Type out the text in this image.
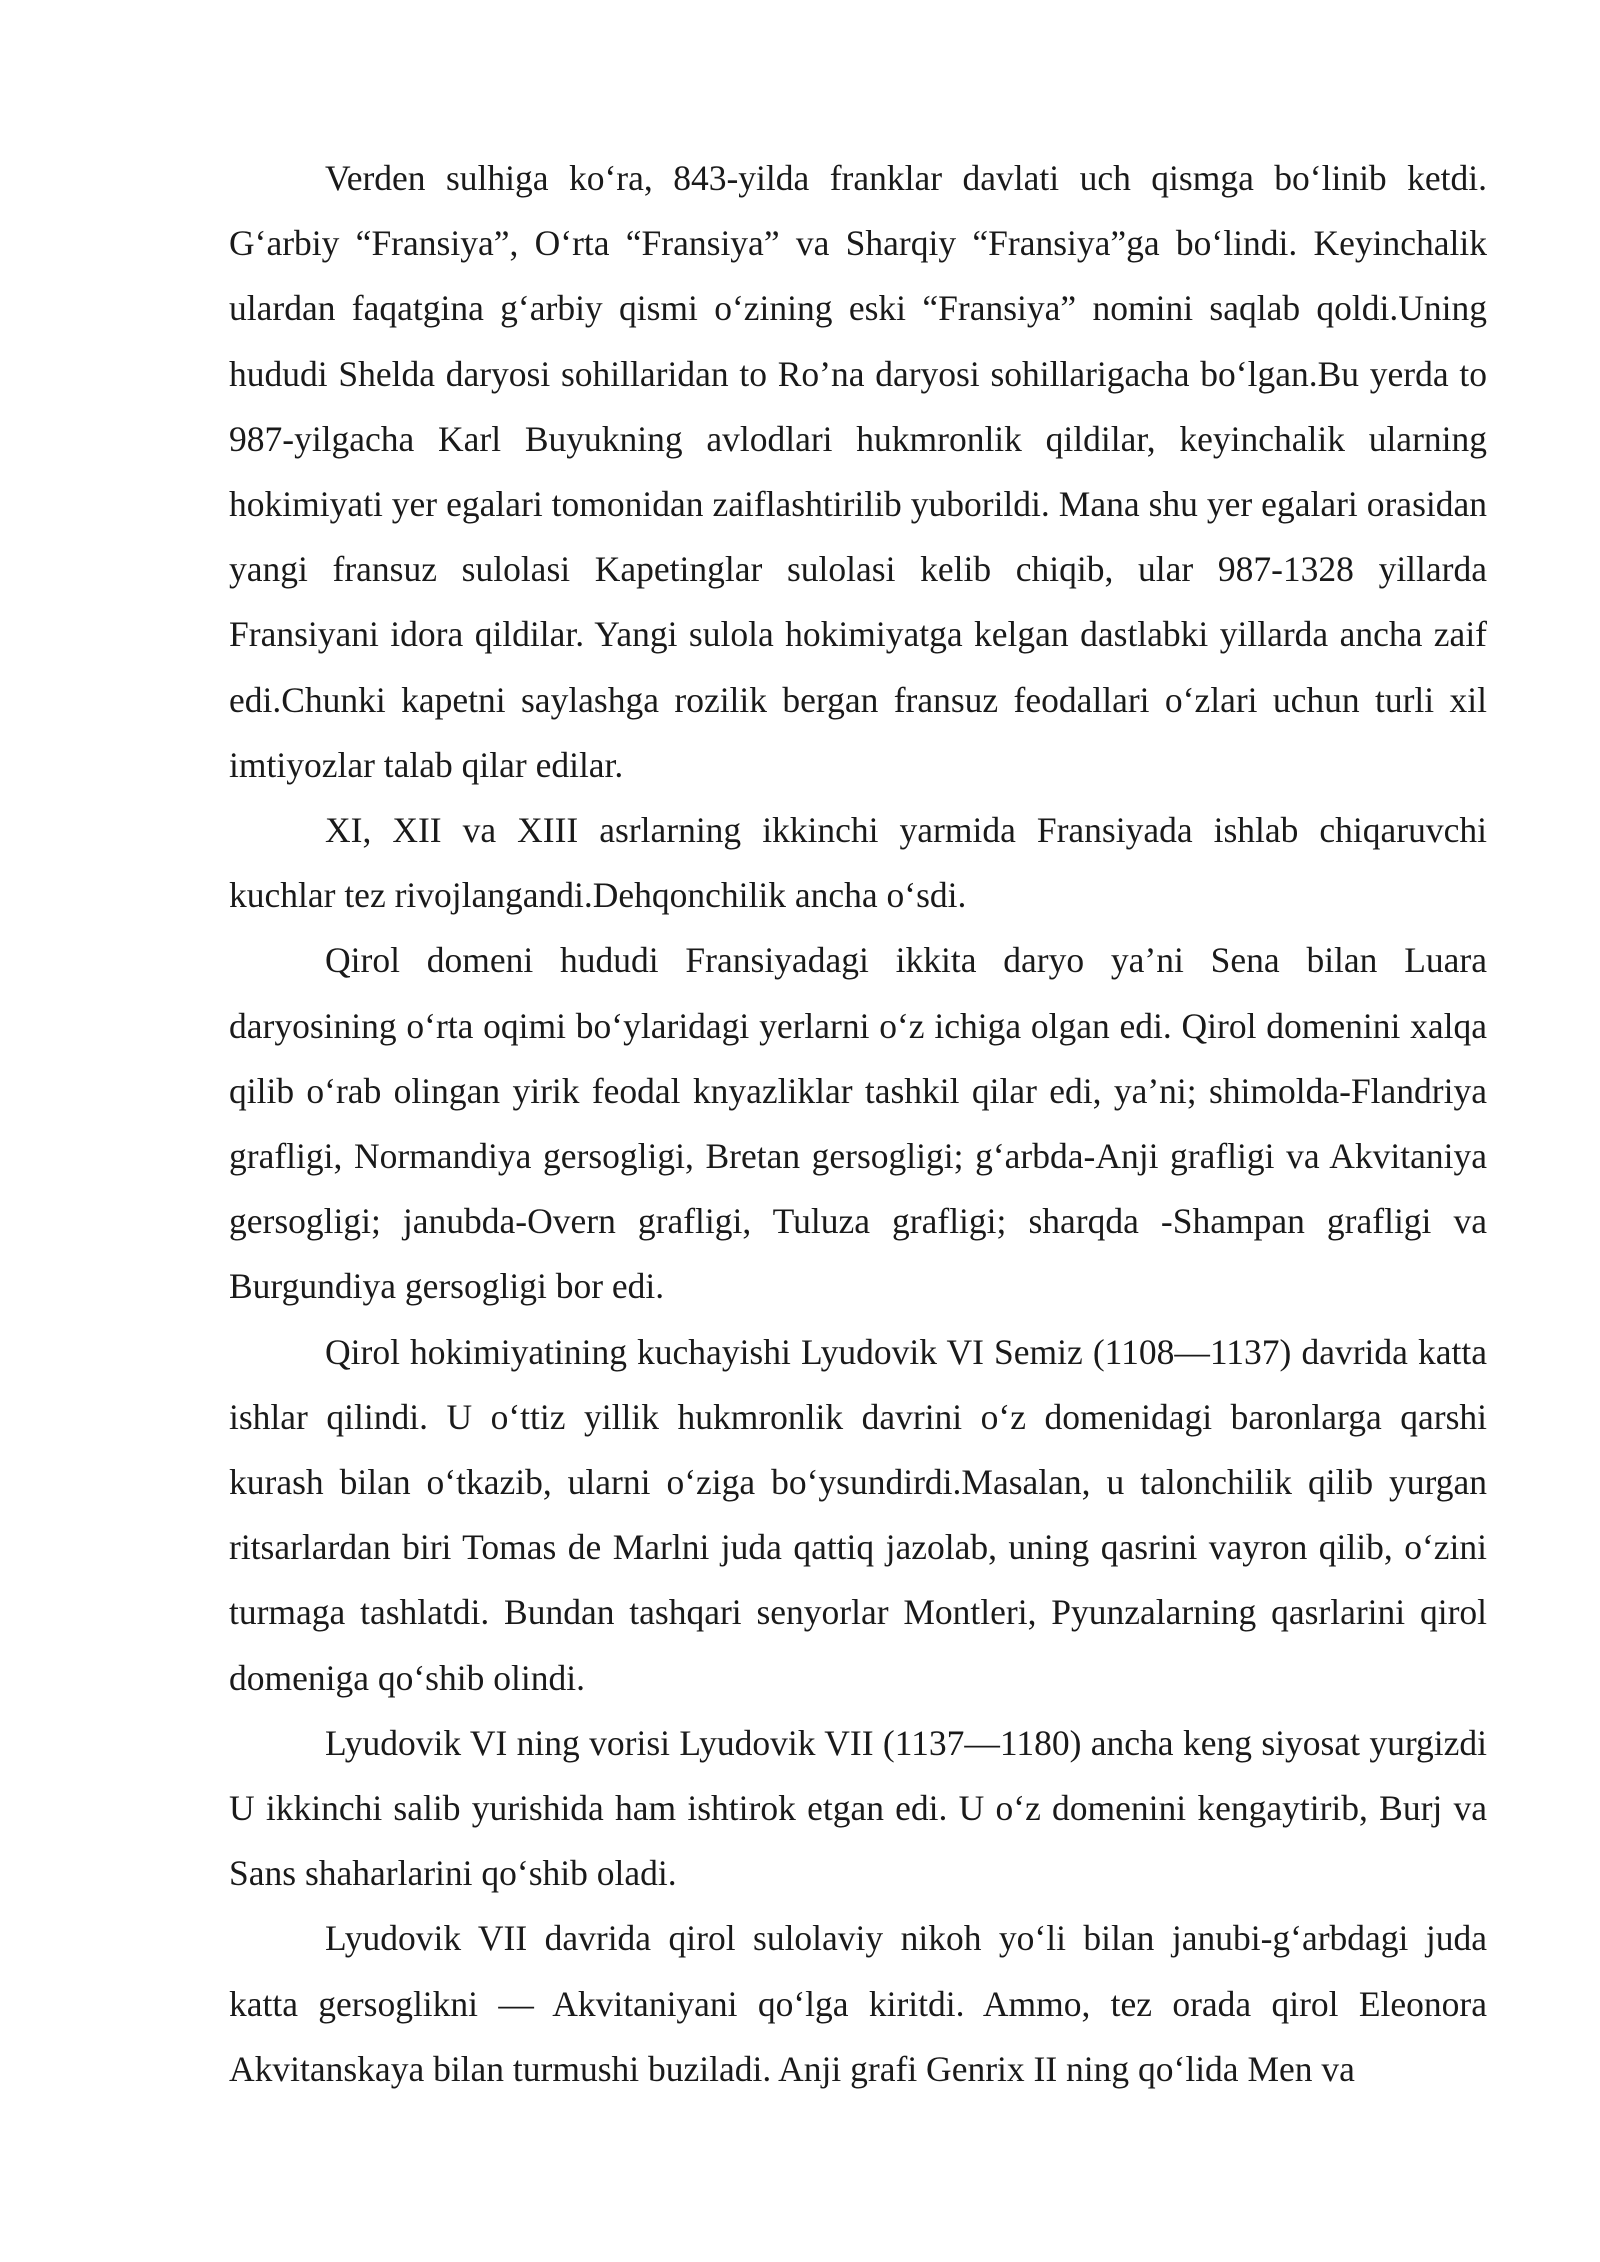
Verden sulhiga ko‘ra, 843-yilda franklar davlati uch qismga bo‘linib ketdi. G‘arbiy “Fransiya”, O‘rta “Fransiya” va Sharqiy “Fransiya”ga bo‘lindi. Keyinchalik ulardan faqatgina g‘arbiy qismi o‘zining eski “Fransiya” nomini saqlab qoldi.Uning hududi Shelda daryosi sohillaridan to Ro’na daryosi sohillarigacha bo‘lgan.Bu yerda to 987-yilgacha Karl Buyukning avlodlari hukmronlik qildilar, keyinchalik ularning hokimiyati yer egalari tomonidan zaiflashtirilib yuborildi. Mana shu yer egalari orasidan yangi fransuz sulolasi Kapetinglar sulolasi kelib chiqib, ular 987-1328 yillarda Fransiyani idora qildilar. Yangi sulola hokimiyatga kelgan dastlabki yillarda ancha zaif edi.Chunki kapetni saylashga rozilik bergan fransuz feodallari o‘zlari uchun turli xil imtiyozlar talab qilar edilar.

XI, XII va XIII asrlarning ikkinchi yarmida Fransiyada ishlab chiqaruvchi kuchlar tez rivojlangandi.Dehqonchilik ancha o‘sdi.

Qirol domeni hududi Fransiyadagi ikkita daryo ya’ni Sena bilan Luara daryosining o‘rta oqimi bo‘ylaridagi yerlarni o‘z ichiga olgan edi. Qirol domenini xalqa qilib o‘rab olingan yirik feodal knyazliklar tashkil qilar edi, ya’ni; shimolda-Flandriya grafligi, Normandiya gersogligi, Bretan gersogligi; g‘arbda-Anji grafligi va Akvitaniya gersogligi; janubda-Overn grafligi, Tuluza grafligi; sharqda -Shampan grafligi va Burgundiya gersogligi bor edi.

Qirol hokimiyatining kuchayishi Lyudovik VI Semiz (1108—1137) davrida katta ishlar qilindi. U o‘ttiz yillik hukmronlik davrini o‘z domenidagi baronlarga qarshi kurash bilan o‘tkazib, ularni o‘ziga bo‘ysundirdi.Masalan, u talonchilik qilib yurgan ritsarlardan biri Tomas de Marlni juda qattiq jazolab, uning qasrini vayron qilib, o‘zini turmaga tashlatdi. Bundan tashqari senyorlar Montleri, Pyunzalarning qasrlarini qirol domeniga qo‘shib olindi.

Lyudovik VI ning vorisi Lyudovik VII (1137—1180) ancha keng siyosat yurgizdi U ikkinchi salib yurishida ham ishtirok etgan edi. U o‘z domenini kengaytirib, Burj va Sans shaharlarini qo‘shib oladi.

Lyudovik VII davrida qirol sulolaviy nikoh yo‘li bilan janubi-g‘arbdagi juda katta gersoglikni — Akvitaniyani qo‘lga kiritdi. Ammo, tez orada qirol Eleonora Akvitanskaya bilan turmushi buziladi. Anji grafi Genrix II ning qo‘lida Men va
